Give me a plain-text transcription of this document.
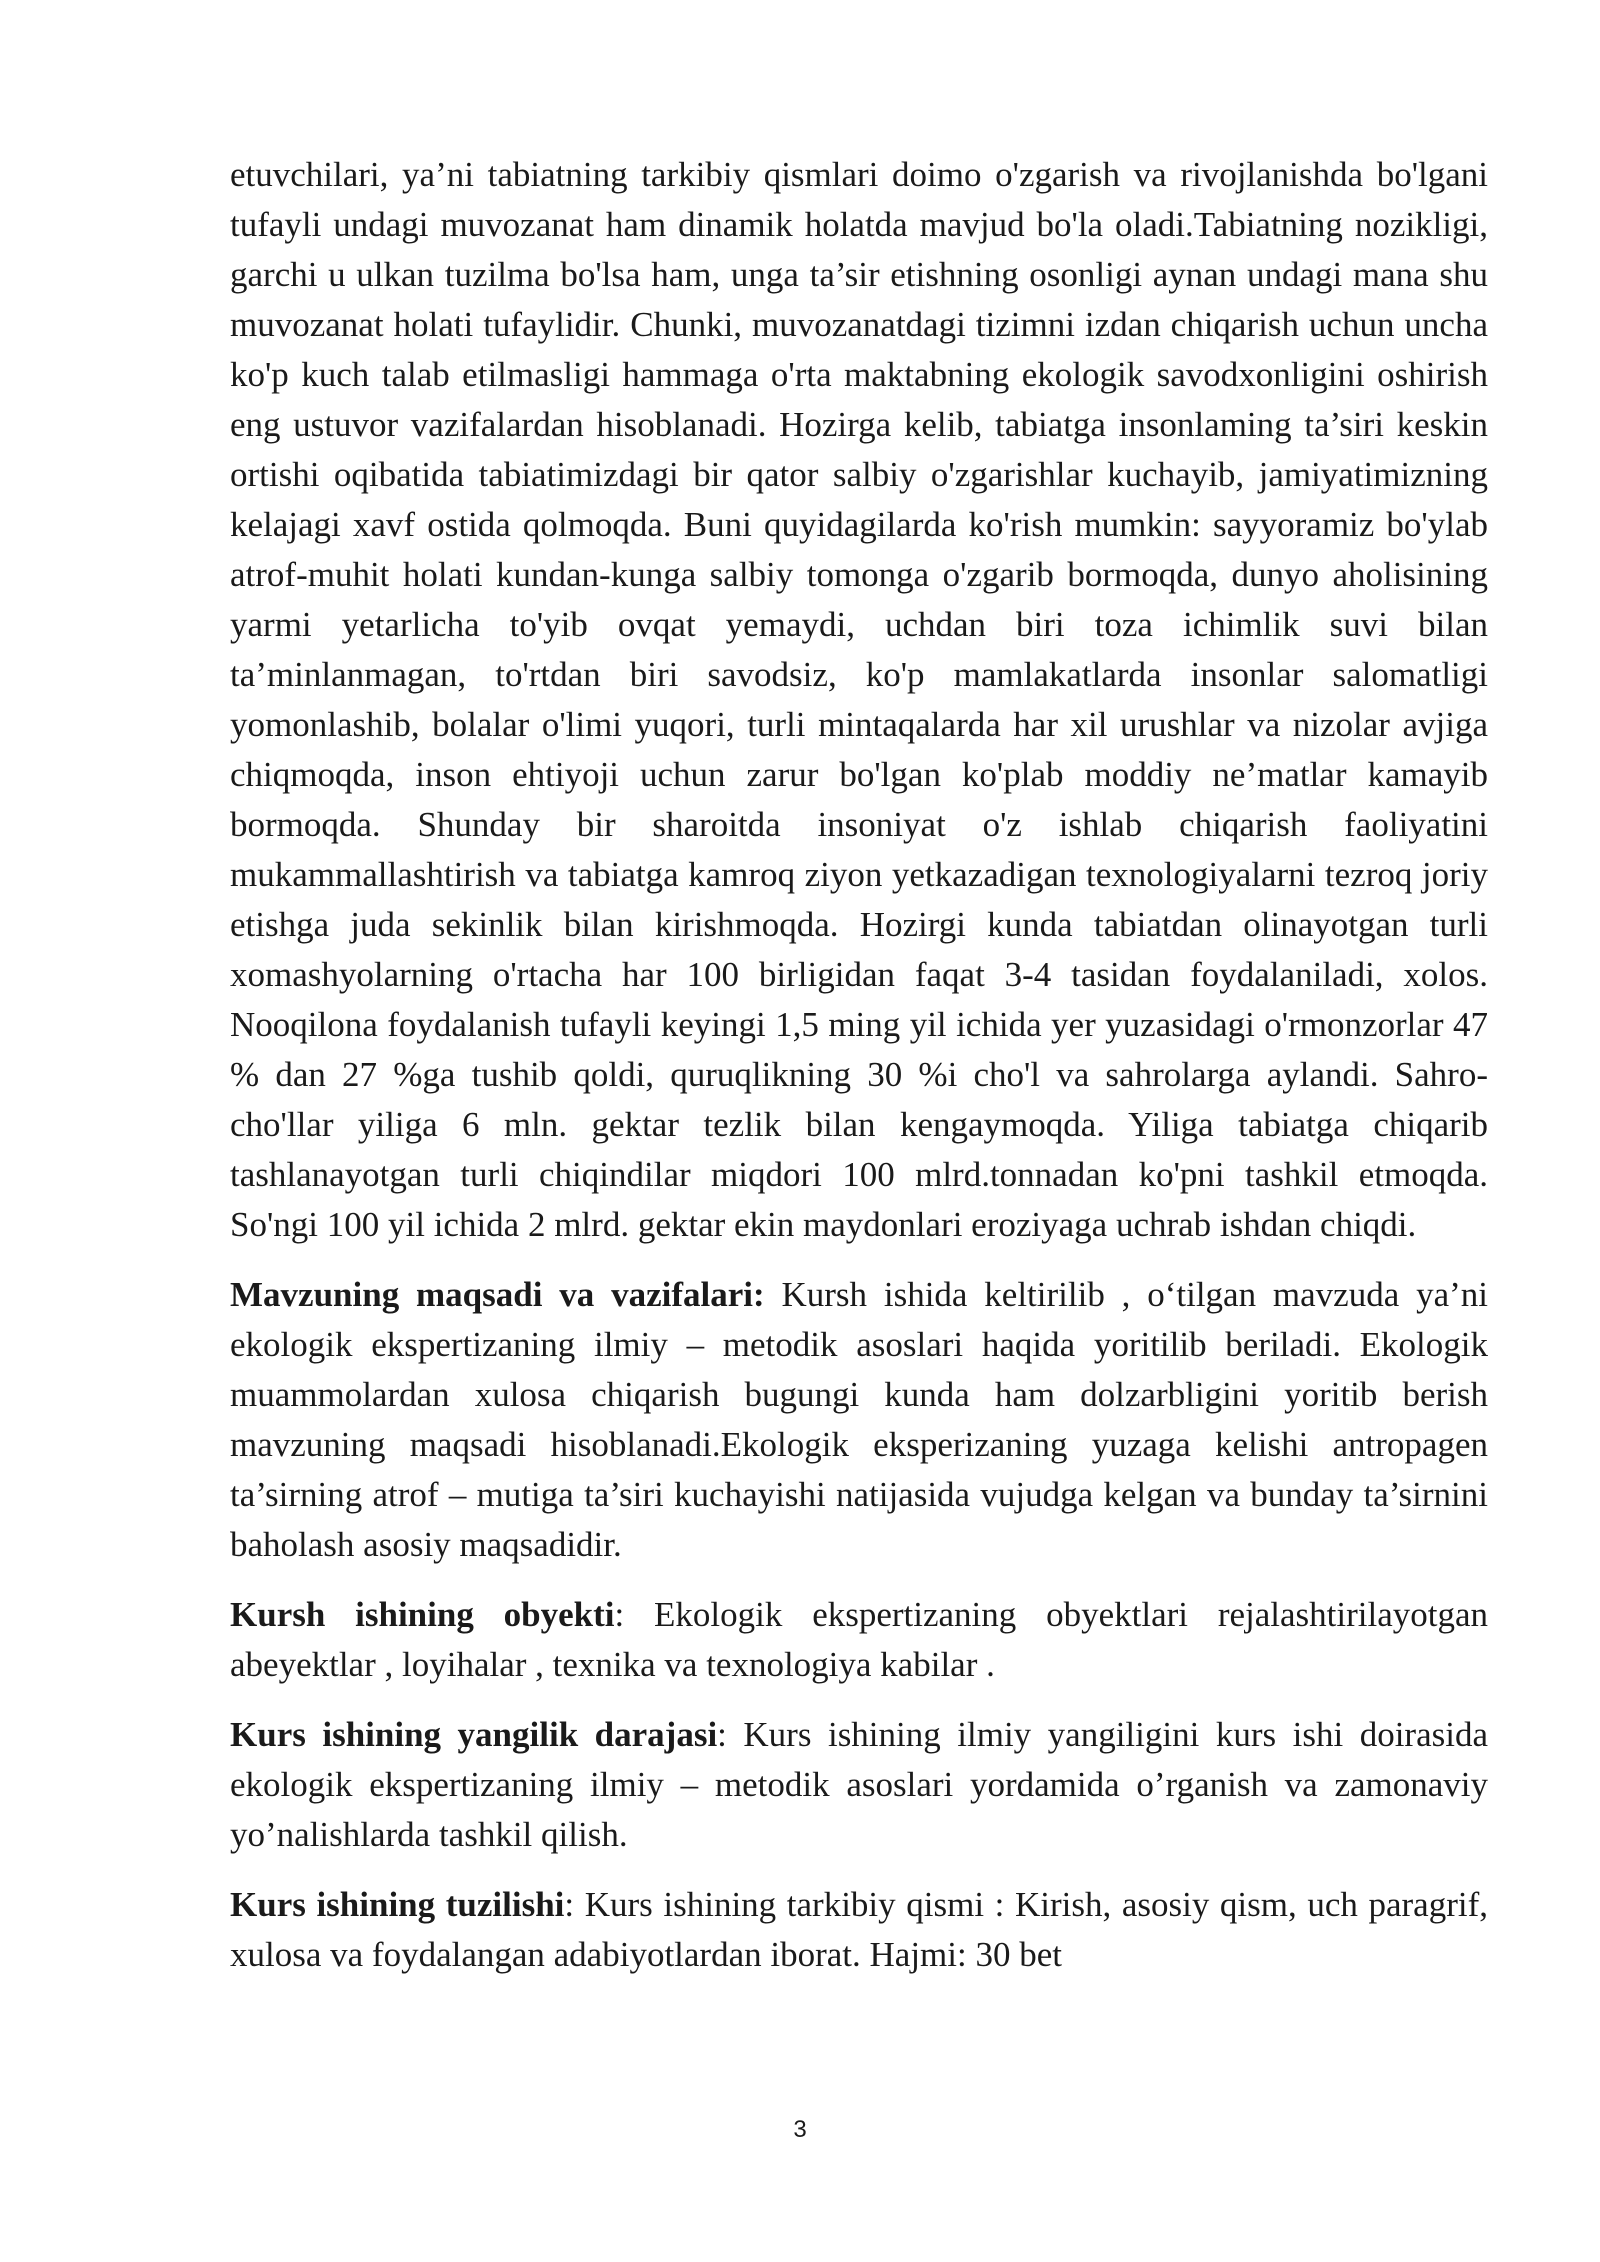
etuvchilari, ya’ni tabiatning tarkibiy qismlari doimo o'zgarish va rivojlanishda bo'lgani tufayli undagi muvozanat ham dinamik holatda mavjud bo'la oladi.Tabiatning nozikligi, garchi u ulkan tuzilma bo'lsa ham, unga ta’sir etishning osonligi aynan undagi mana shu muvozanat holati tufaylidir. Chunki, muvozanatdagi tizimni izdan chiqarish uchun uncha ko'p kuch talab etilmasligi hammaga o'rta maktabning ekologik savodxonligini oshirish eng ustuvor vazifalardan hisoblanadi. Hozirga kelib, tabiatga insonlaming ta’siri keskin ortishi oqibatida tabiatimizdagi bir qator salbiy o'zgarishlar kuchayib, jamiyatimizning kelajagi xavf ostida qolmoqda. Buni quyidagilarda ko'rish mumkin: sayyoramiz bo'ylab atrof-muhit holati kundan-kunga salbiy tomonga o'zgarib bormoqda, dunyo aholisining yarmi yetarlicha to'yib ovqat yemaydi, uchdan biri toza ichimlik suvi bilan ta’minlanmagan, to'rtdan biri savodsiz, ko'p mamlakatlarda insonlar salomatligi yomonlashib, bolalar o'limi yuqori, turli mintaqalarda har xil urushlar va nizolar avjiga chiqmoqda, inson ehtiyoji uchun zarur bo'lgan ko'plab moddiy ne’matlar kamayib bormoqda. Shunday bir sharoitda insoniyat o'z ishlab chiqarish faoliyatini mukammallashtirish va tabiatga kamroq ziyon yetkazadigan texnologiyalarni tezroq joriy etishga juda sekinlik bilan kirishmoqda. Hozirgi kunda tabiatdan olinayotgan turli xomashyolarning o'rtacha har 100 birligidan faqat 3-4 tasidan foydalaniladi, xolos. Nooqilona foydalanish tufayli keyingi 1,5 ming yil ichida yer yuzasidagi o'rmonzorlar 47 % dan 27 %ga tushib qoldi, quruqlikning 30 %i cho'l va sahrolarga aylandi. Sahro-cho'llar yiliga 6 mln. gektar tezlik bilan kengaymoqda. Yiliga tabiatga chiqarib tashlanayotgan turli chiqindilar miqdori 100 mlrd.tonnadan ko'pni tashkil etmoqda. So'ngi 100 yil ichida 2 mlrd. gektar ekin maydonlari eroziyaga uchrab ishdan chiqdi.

Mavzuning maqsadi va vazifalari: Kursh ishida keltirilib , o‘tilgan mavzuda ya’ni ekologik ekspertizaning ilmiy – metodik asoslari haqida yoritilib beriladi. Ekologik muammolardan xulosa chiqarish bugungi kunda ham dolzarbligini yoritib berish mavzuning maqsadi hisoblanadi.Ekologik eksperizaning yuzaga kelishi antropagen ta’sirning atrof – mutiga ta’siri kuchayishi natijasida vujudga kelgan va bunday ta’sirnini baholash asosiy maqsadidir.

Kursh ishining obyekti: Ekologik ekspertizaning obyektlari rejalashtirilayotgan abeyektlar , loyihalar , texnika va texnologiya kabilar .

Kurs ishining yangilik darajasi: Kurs ishining ilmiy yangiligini kurs ishi doirasida ekologik ekspertizaning ilmiy – metodik asoslari yordamida o’rganish va zamonaviy yo’nalishlarda tashkil qilish.

Kurs ishining tuzilishi: Kurs ishining tarkibiy qismi : Kirish, asosiy qism, uch paragrif, xulosa va foydalangan adabiyotlardan iborat. Hajmi: 30 bet

3
